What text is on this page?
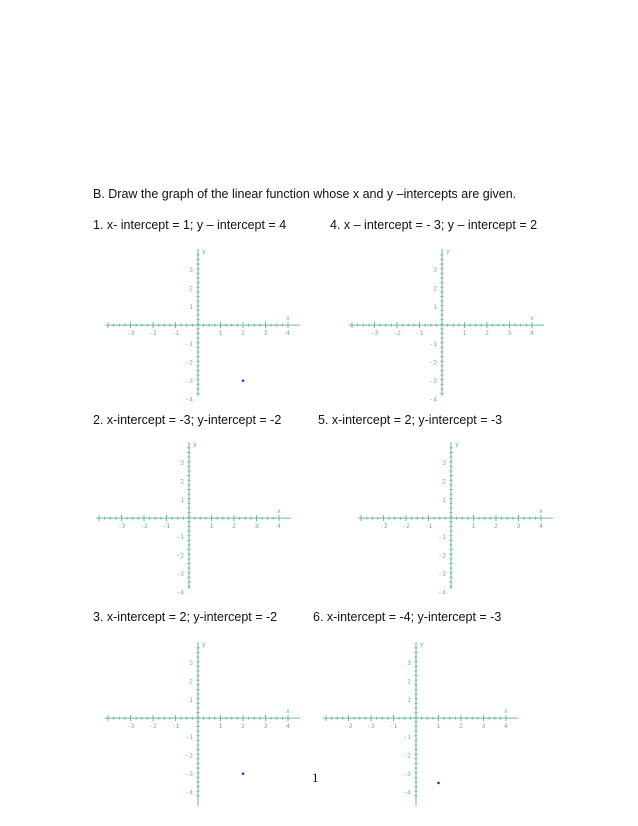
B. Draw the graph of the linear function whose x and y –intercepts are given.
1. x- intercept = 1; y – intercept = 4	4. x – intercept = - 3; y – intercept = 2
2. x-intercept = -3; y-intercept = -2	5. x-intercept = 2; y-intercept = -3
3. x-intercept = 2; y-intercept = -2	6. x-intercept = -4; y-intercept = -3
-3 -2 -1	1	2	3	4
3
2
1
-1
-2
-3
-4
x
y
-3 -2 -1	1	2	3	4
3
2
1
-1
-2
-3
-4
x
y
-3 -2 -1	1	2	3	4
3
2
1
-1
-2
-3
-4
x
y
-3 -2 -1	1	2	3	4
3
2
1
-1
-2
-3
-4
x
y
-3 -2 -1	1	2	3	4
3
2
1
-1
-2
-3
-4
x
y
-3 -2 -1	1	2	3	4
3
2
1
-1
-2
-3
-4
x
y
1
